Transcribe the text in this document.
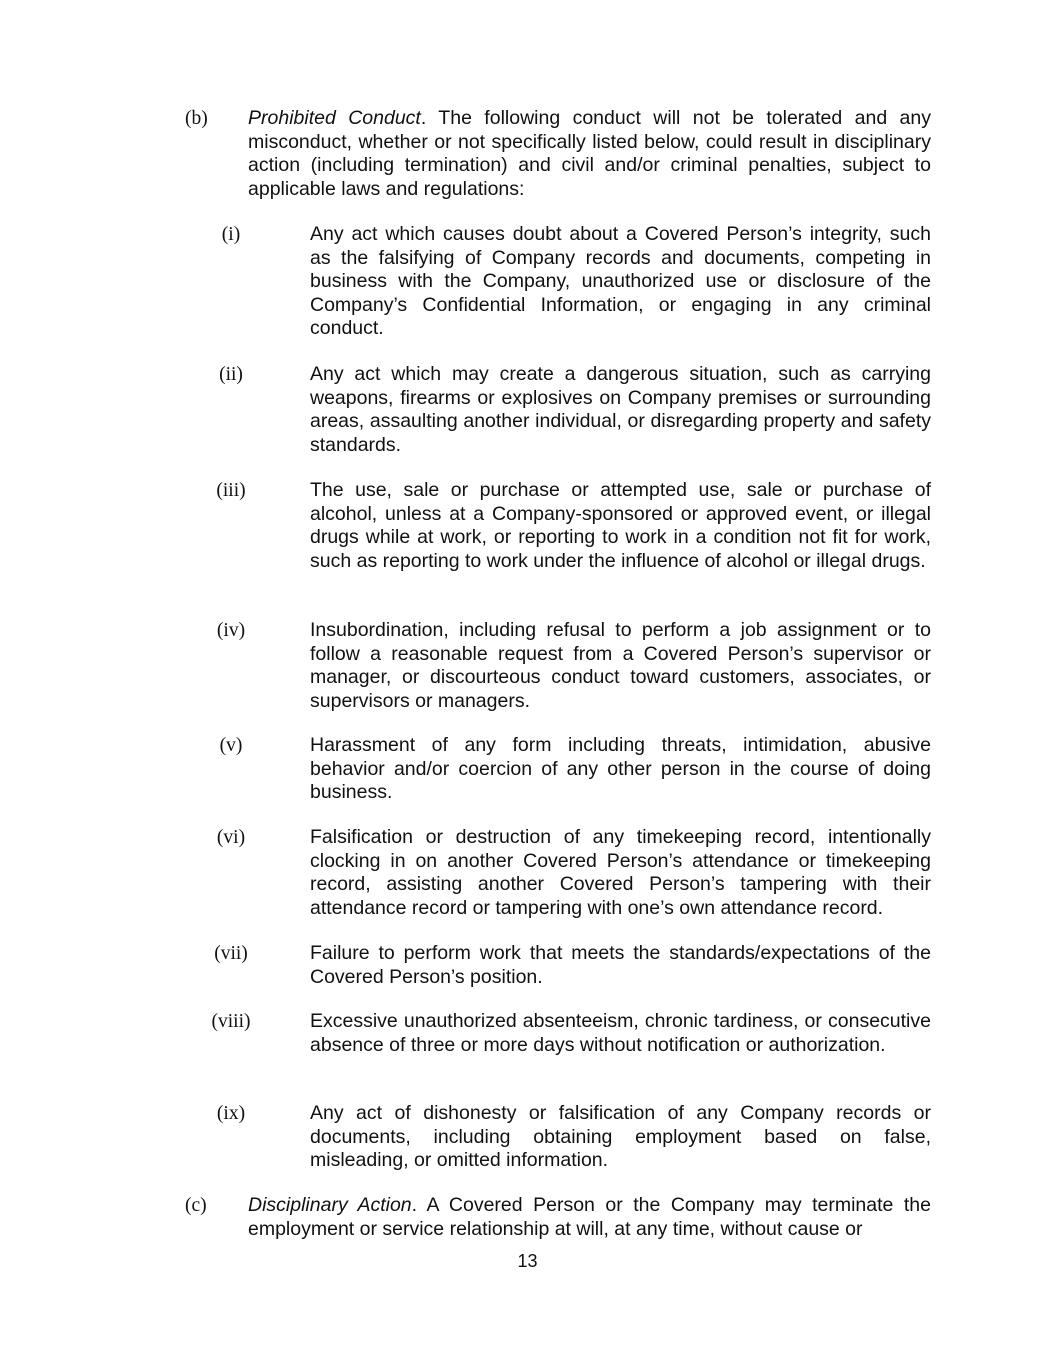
(b)	Prohibited Conduct. The following conduct will not be tolerated and any misconduct, whether or not specifically listed below, could result in disciplinary action (including termination) and civil and/or criminal penalties, subject to applicable laws and regulations:
(i)	Any act which causes doubt about a Covered Person’s integrity, such as the falsifying of Company records and documents, competing in business with the Company, unauthorized use or disclosure of the Company’s Confidential Information, or engaging in any criminal conduct.
(ii)	Any act which may create a dangerous situation, such as carrying weapons, firearms or explosives on Company premises or surrounding areas, assaulting another individual, or disregarding property and safety standards.
(iii)	The use, sale or purchase or attempted use, sale or purchase of alcohol, unless at a Company-sponsored or approved event, or illegal drugs while at work, or reporting to work in a condition not fit for work, such as reporting to work under the influence of alcohol or illegal drugs.
(iv)	Insubordination, including refusal to perform a job assignment or to follow a reasonable request from a Covered Person’s supervisor or manager, or discourteous conduct toward customers, associates, or supervisors or managers.
(v)	Harassment of any form including threats, intimidation, abusive behavior and/or coercion of any other person in the course of doing business.
(vi)	Falsification or destruction of any timekeeping record, intentionally clocking in on another Covered Person’s attendance or timekeeping record, assisting another Covered Person’s tampering with their attendance record or tampering with one’s own attendance record.
(vii)	Failure to perform work that meets the standards/expectations of the Covered Person’s position.
(viii)	Excessive unauthorized absenteeism, chronic tardiness, or consecutive absence of three or more days without notification or authorization.
(ix)	Any act of dishonesty or falsification of any Company records or documents, including obtaining employment based on false, misleading, or omitted information.
(c)	Disciplinary Action. A Covered Person or the Company may terminate the employment or service relationship at will, at any time, without cause or
13
